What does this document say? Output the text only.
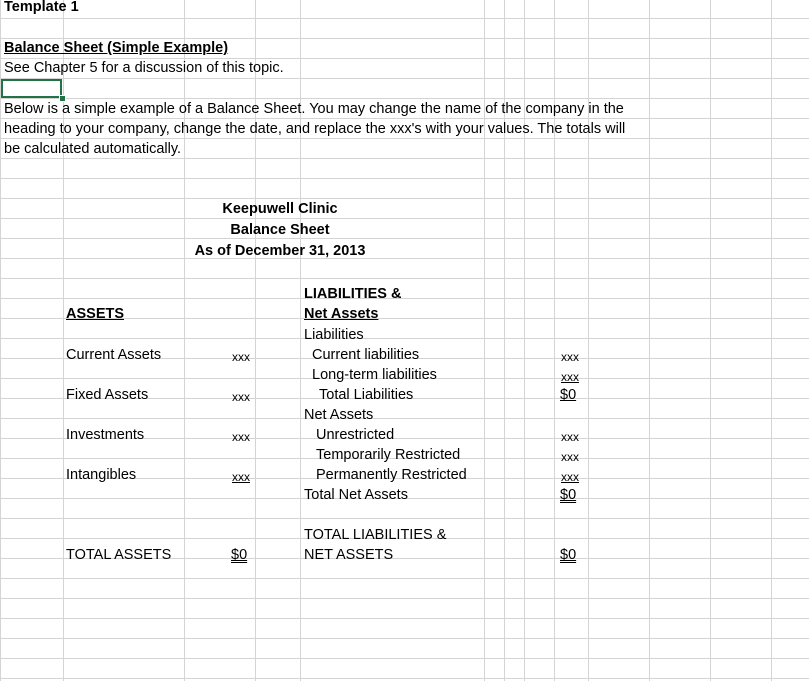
Template 1
Balance Sheet (Simple Example)
See Chapter 5 for a discussion of this topic.
Below is a simple example of a Balance Sheet. You may change the name of the company in the
heading to your company, change the date, and replace the xxx's with your values. The totals will
be calculated automatically.
Keepuwell Clinic
Balance Sheet
As of December 31, 2013
ASSETS
Current Assets	xxx
Fixed Assets	xxx
Investments	xxx
Intangibles	xxx
TOTAL ASSETS	$0
LIABILITIES &
Net Assets
Liabilities
Current liabilities	xxx
Long-term liabilities	xxx
Total Liabilities	$0
Net Assets
Unrestricted	xxx
Temporarily Restricted	xxx
Permanently Restricted	xxx
Total Net Assets	$0
TOTAL LIABILITIES &
NET ASSETS	$0
